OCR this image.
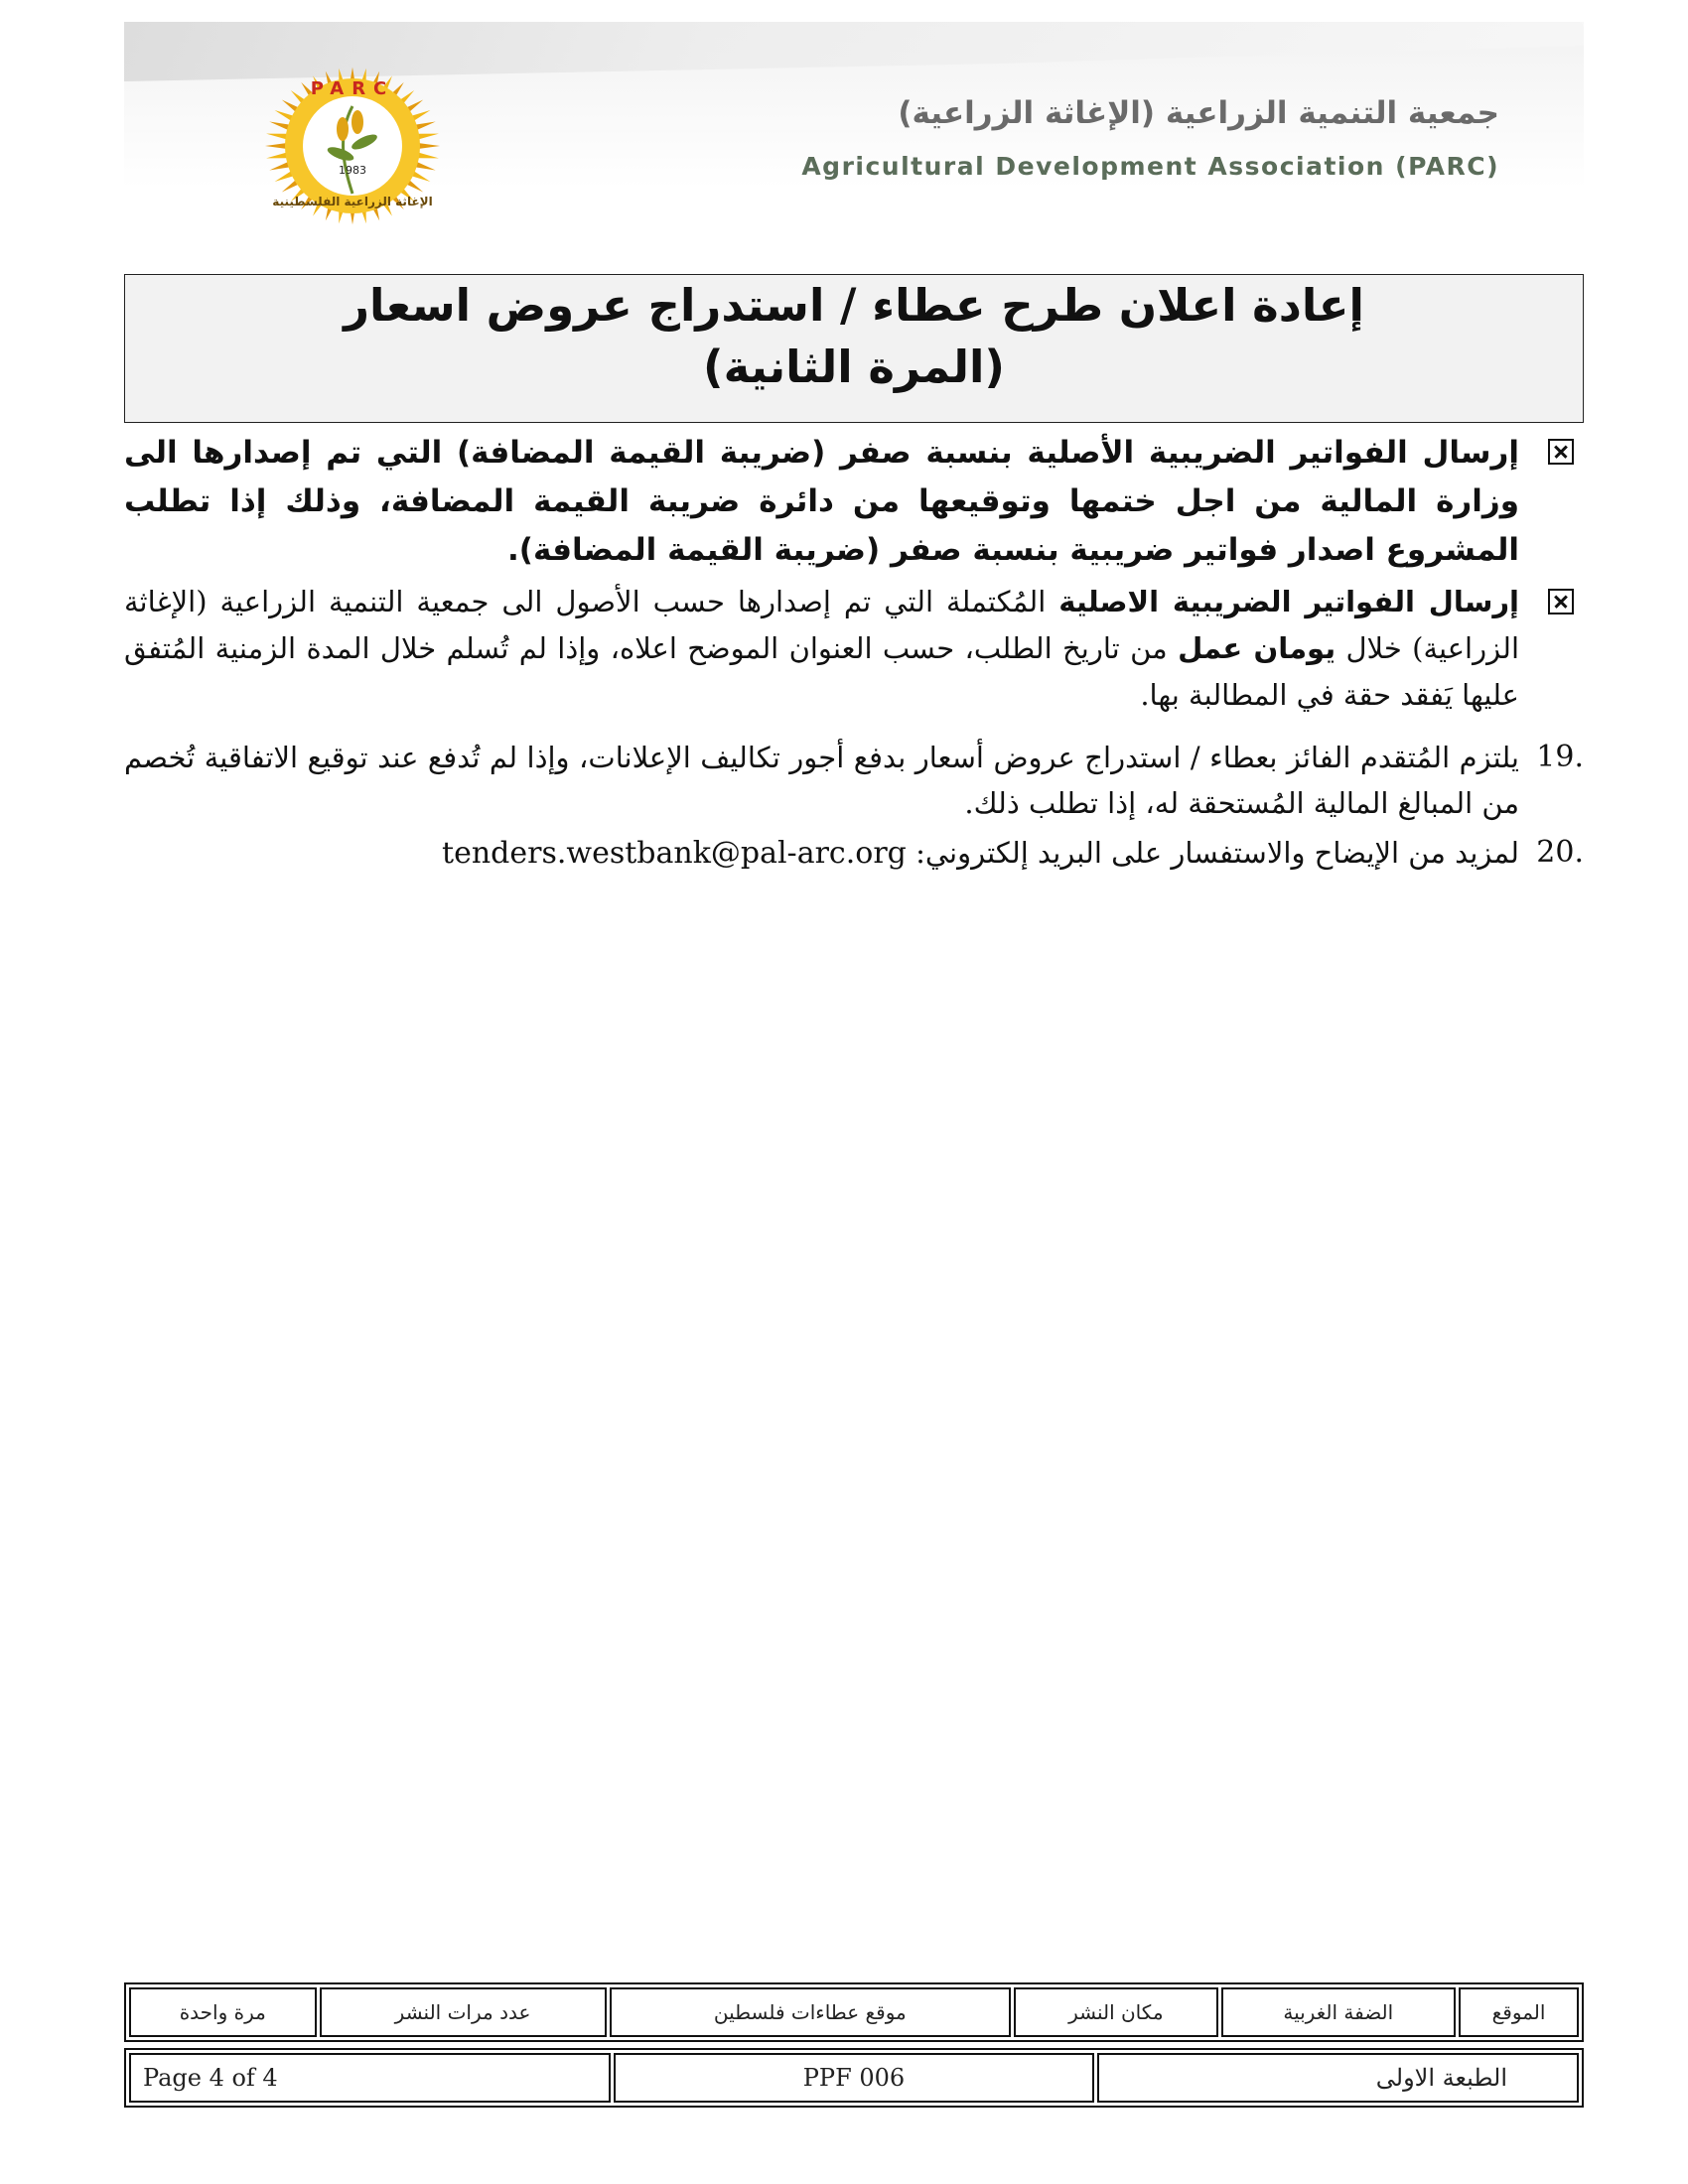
PARC
1983
الإغاثة الزراعية الفلسطينية
جمعية التنمية الزراعية (الإغاثة الزراعية)
Agricultural Development Association (PARC)
إعادة اعلان طرح عطاء / استدراج عروض اسعار
(المرة الثانية)
إرسال الفواتير الضريبية الأصلية بنسبة صفر (ضريبة القيمة المضافة) التي تم إصدارها الى وزارة المالية من اجل ختمها وتوقيعها من دائرة ضريبة القيمة المضافة، وذلك إذا تطلب المشروع اصدار فواتير ضريبية بنسبة صفر (ضريبة القيمة المضافة).
إرسال الفواتير الضريبية الاصلية المُكتملة التي تم إصدارها حسب الأصول الى جمعية التنمية الزراعية (الإغاثة الزراعية) خلال يومان عمل من تاريخ الطلب، حسب العنوان الموضح اعلاه، وإذا لم تُسلم خلال المدة الزمنية المُتفق عليها يَفقد حقة في المطالبة بها.
19.
يلتزم المُتقدم الفائز بعطاء / استدراج عروض أسعار بدفع أجور تكاليف الإعلانات، وإذا لم تُدفع عند توقيع الاتفاقية تُخصم من المبالغ المالية المُستحقة له، إذا تطلب ذلك.
20.
لمزيد من الإيضاح والاستفسار على البريد إلكتروني: tenders.westbank@pal-arc.org
الموقع	الضفة الغربية	مكان النشر	موقع عطاءات فلسطين	عدد مرات النشر	مرة واحدة
Page 4 of 4	PPF 006	الطبعة الاولى
